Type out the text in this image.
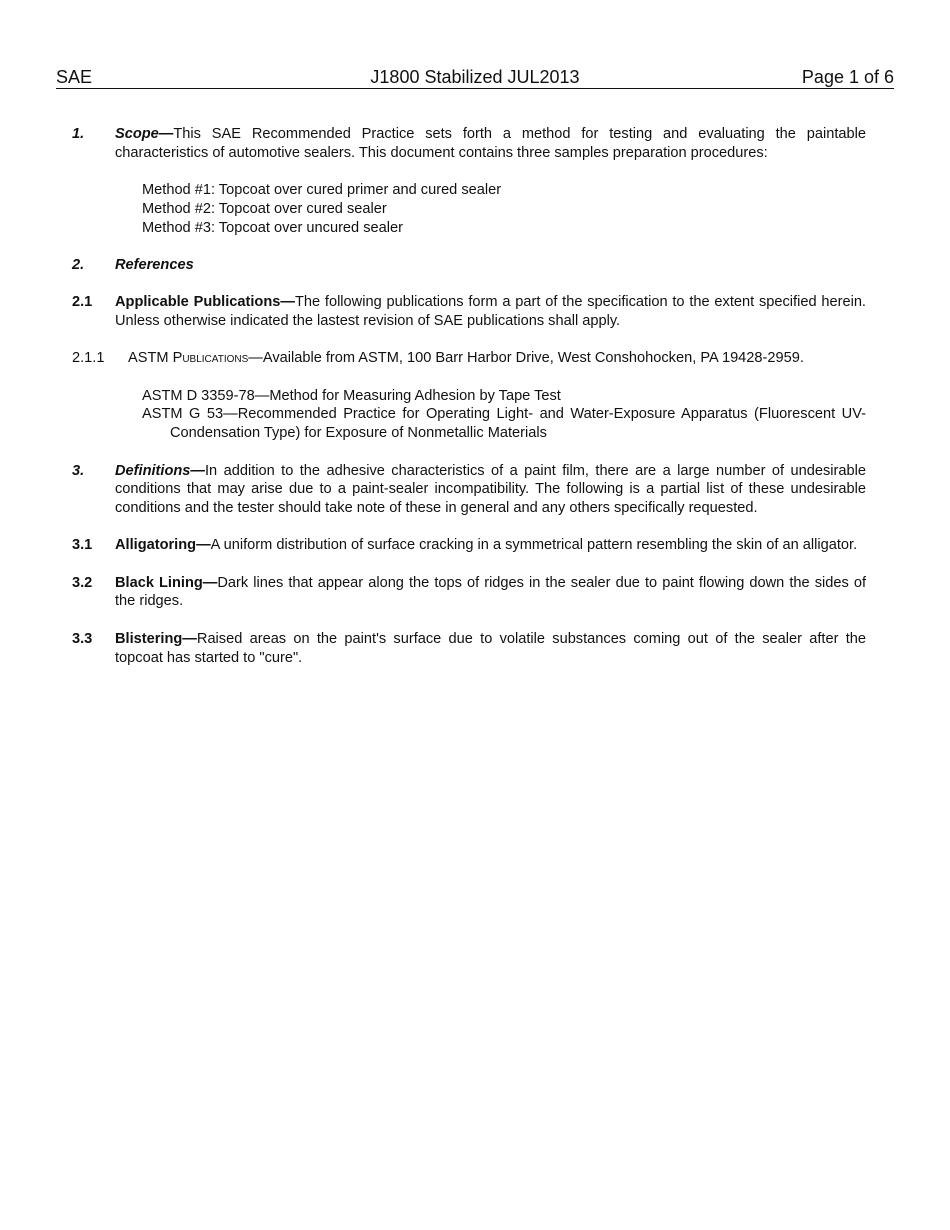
SAE	J1800 Stabilized JUL2013	Page 1 of 6
1. Scope—This SAE Recommended Practice sets forth a method for testing and evaluating the paintable characteristics of automotive sealers. This document contains three samples preparation procedures:
Method #1: Topcoat over cured primer and cured sealer
Method #2: Topcoat over cured sealer
Method #3: Topcoat over uncured sealer
2. References
2.1 Applicable Publications—The following publications form a part of the specification to the extent specified herein. Unless otherwise indicated the lastest revision of SAE publications shall apply.
2.1.1 ASTM Publications—Available from ASTM, 100 Barr Harbor Drive, West Conshohocken, PA 19428-2959.
ASTM D 3359-78—Method for Measuring Adhesion by Tape Test
ASTM G 53—Recommended Practice for Operating Light- and Water-Exposure Apparatus (Fluorescent UV-Condensation Type) for Exposure of Nonmetallic Materials
3. Definitions—In addition to the adhesive characteristics of a paint film, there are a large number of undesirable conditions that may arise due to a paint-sealer incompatibility. The following is a partial list of these undesirable conditions and the tester should take note of these in general and any others specifically requested.
3.1 Alligatoring—A uniform distribution of surface cracking in a symmetrical pattern resembling the skin of an alligator.
3.2 Black Lining—Dark lines that appear along the tops of ridges in the sealer due to paint flowing down the sides of the ridges.
3.3 Blistering—Raised areas on the paint's surface due to volatile substances coming out of the sealer after the topcoat has started to "cure".
